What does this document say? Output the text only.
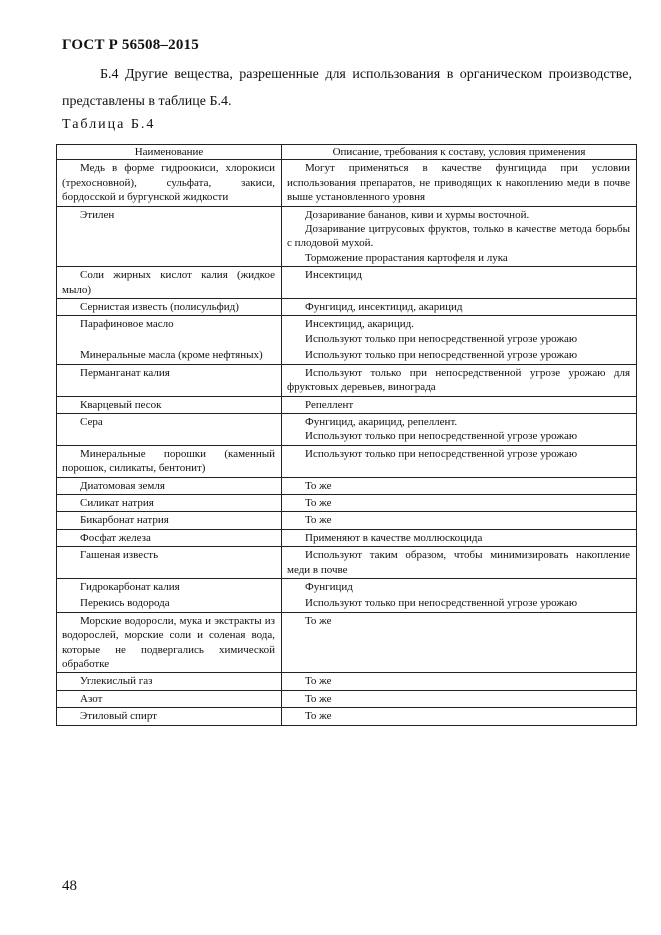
ГОСТ Р 56508–2015
Б.4 Другие вещества, разрешенные для использования в органическом производстве, представлены в таблице Б.4.
Таблица Б.4
Наименование	Описание, требования к составу, условия применения

Медь в форме гидроокиси, хлорокиси (трехосновной), сульфата, закиси, бордосской и бургунской жидкости	Могут применяться в качестве фунгицида при условии использования препаратов, не приводящих к накоплению меди в почве выше установленного уровня

Этилен	Дозаривание бананов, киви и хурмы восточной.
Дозаривание цитрусовых фруктов, только в качестве метода борьбы с плодовой мухой.
Торможение прорастания картофеля и лука

Соли жирных кислот калия (жидкое мыло)	Инсектицид

Сернистая известь (полисульфид)	Фунгицид, инсектицид, акарицид

Парафиновое масло	Инсектицид, акарицид.
Используют только при непосредственной угрозе урожаю

Минеральные масла (кроме нефтяных)	Используют только при непосредственной угрозе урожаю

Перманганат калия	Используют только при непосредственной угрозе урожаю для фруктовых деревьев, винограда

Кварцевый песок	Репеллент

Сера	Фунгицид, акарицид, репеллент.
Используют только при непосредственной угрозе урожаю

Минеральные порошки (каменный порошок, силикаты, бентонит)	Используют только при непосредственной угрозе урожаю

Диатомовая земля	То же

Силикат натрия	То же

Бикарбонат натрия	То же

Фосфат железа	Применяют в качестве моллюскоцида

Гашеная известь	Используют таким образом, чтобы минимизировать накопление меди в почве

Гидрокарбонат калия	Фунгицид

Перекись водорода	Используют только при непосредственной угрозе урожаю

Морские водоросли, мука и экстракты из водорослей, морские соли и соленая вода, которые не подвергались химической обработке	То же

Углекислый газ	То же

Азот	То же

Этиловый спирт	То же
48
